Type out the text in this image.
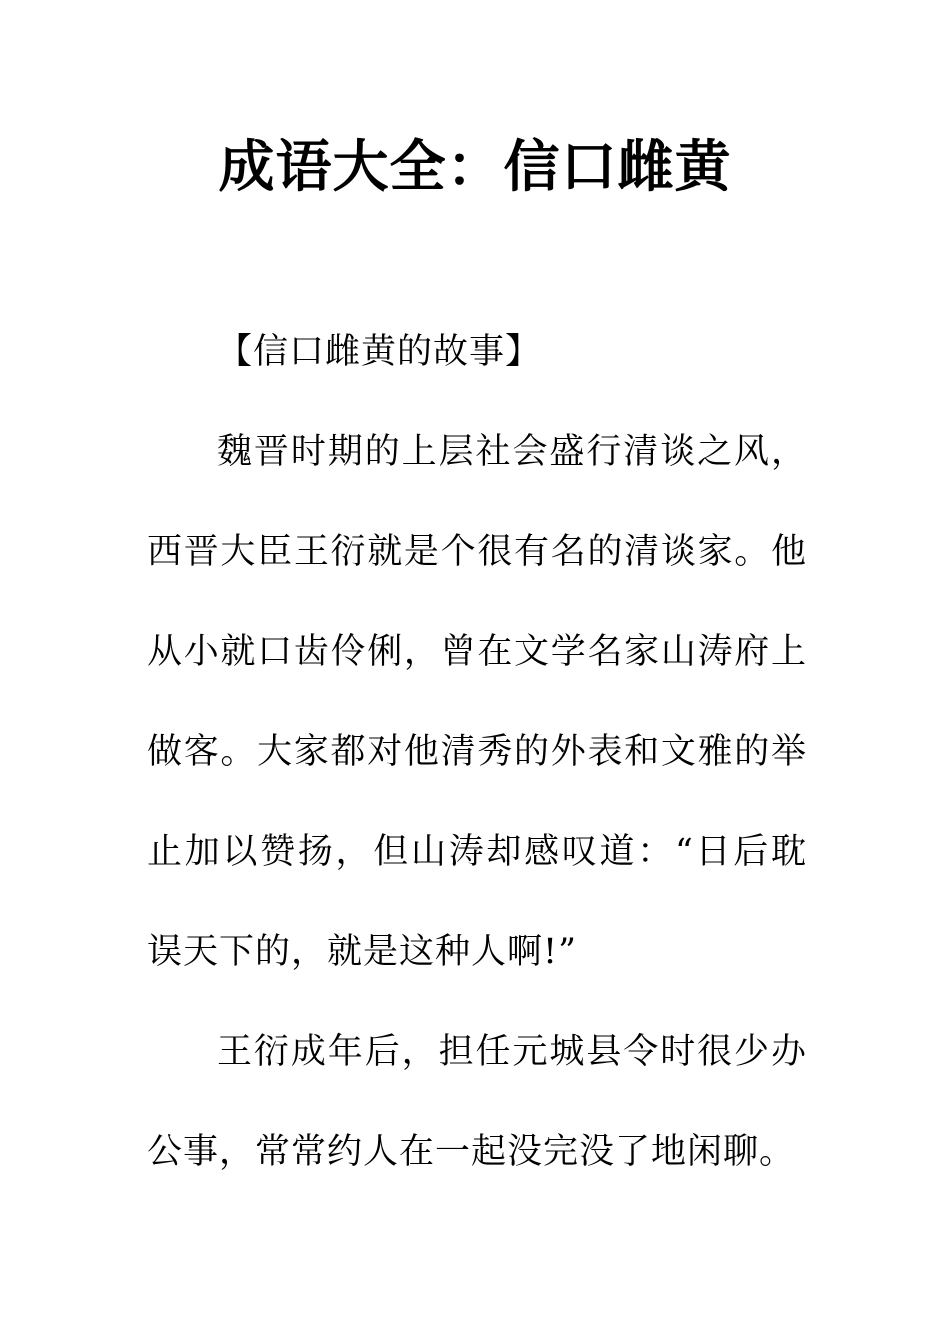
成语大全：信口雌黄

【信口雌黄的故事】

魏晋时期的上层社会盛行清谈之风，西晋大臣王衍就是个很有名的清谈家。他从小就口齿伶俐，曾在文学名家山涛府上做客。大家都对他清秀的外表和文雅的举止加以赞扬，但山涛却感叹道：“日后耽误天下的，就是这种人啊!”

王衍成年后，担任元城县令时很少办公事，常常约人在一起没完没了地闲聊。
